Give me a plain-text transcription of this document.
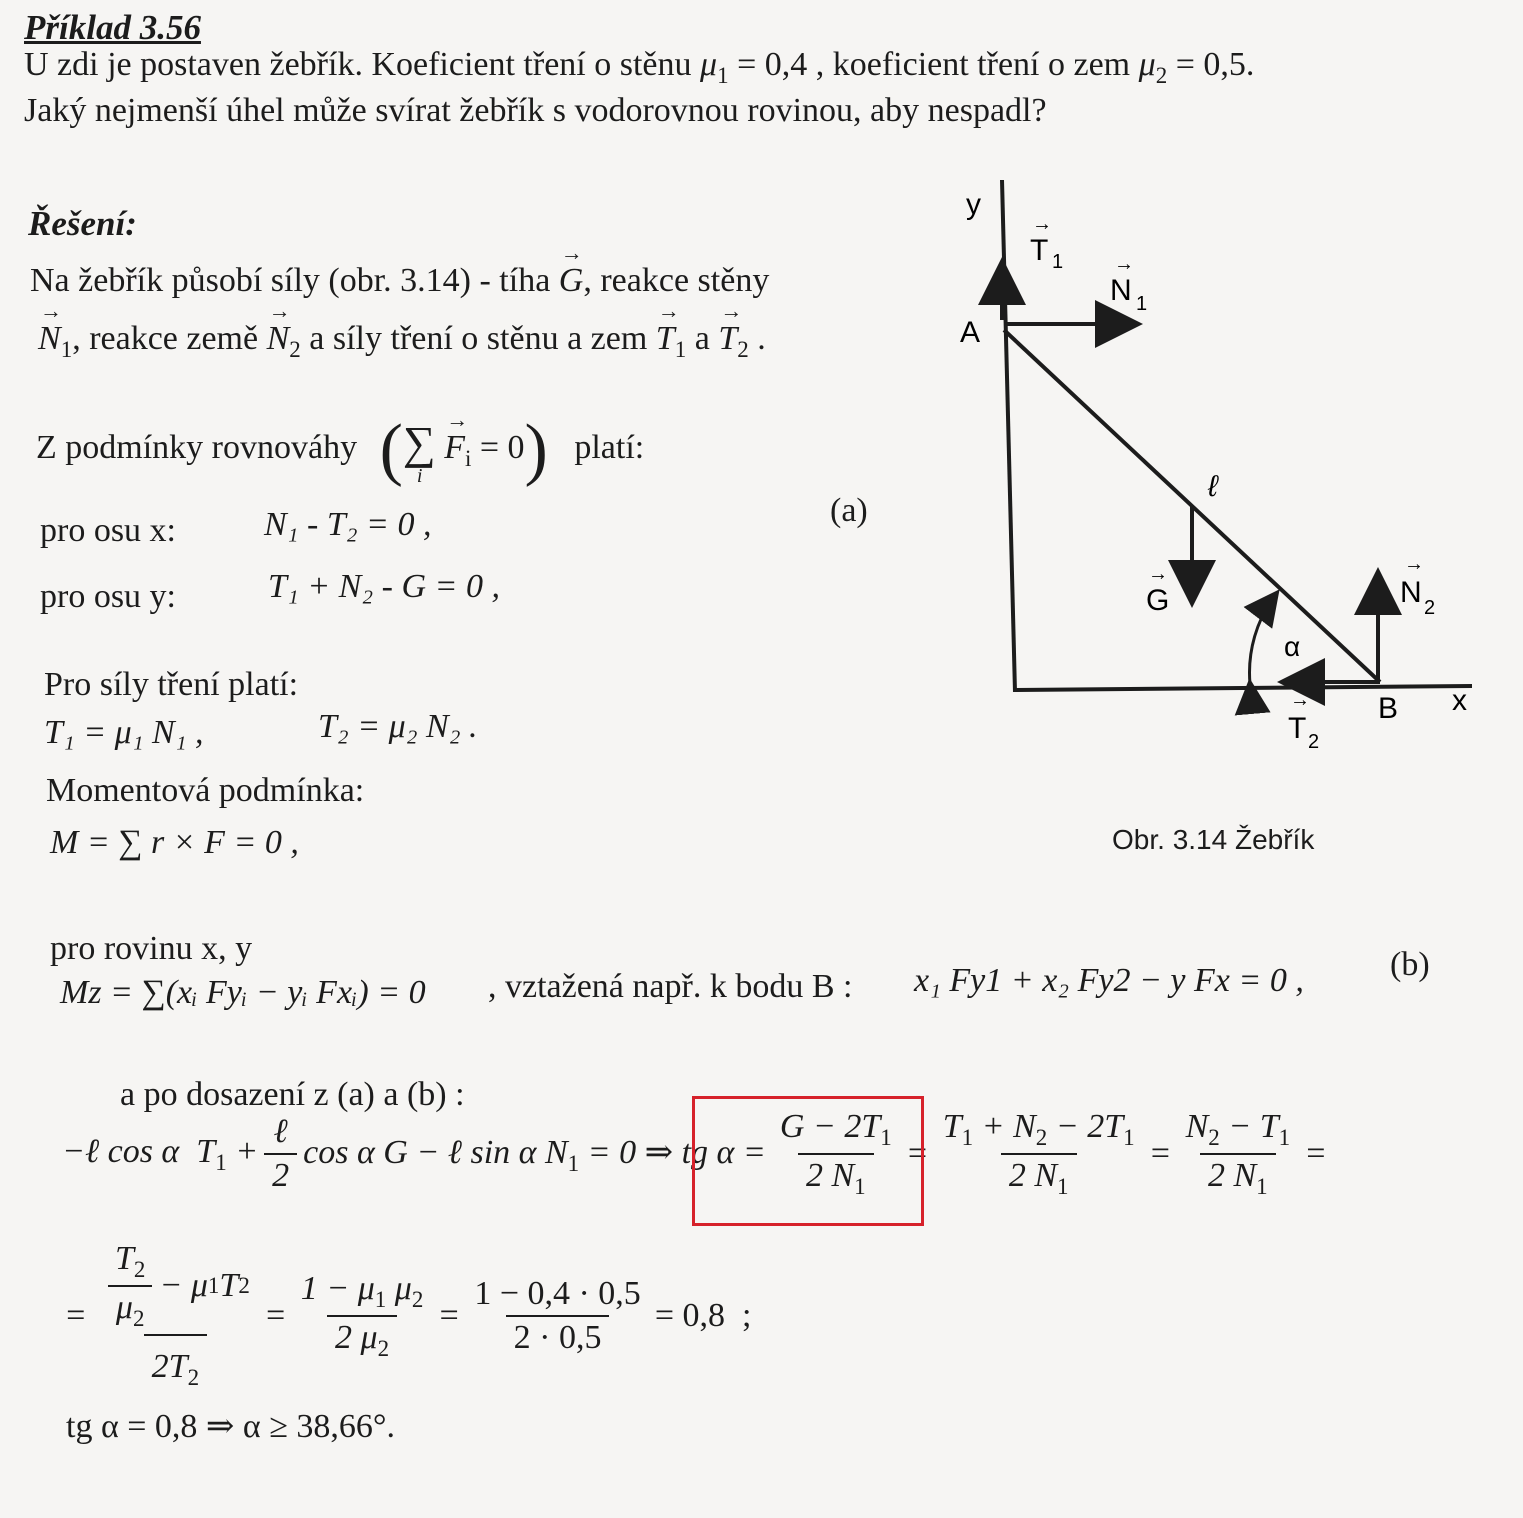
Příklad 3.56
U zdi je postaven žebřík. Koeficient tření o stěnu $\mu_1 = 0,4$ , koeficient tření o zem $\mu_2 = 0,5$.
Jaký nejmenší úhel může svírat žebřík s vodorovnou rovinou, aby nespadl?
Řešení:
Na žebřík působí síly (obr. 3.14) - tíha → G, reakce stěny
→ $N_1$, reakce země → $N_2$ a síly tření o stěnu a zem → $T_1$ $a \to T_2$ .
Z podmínky rovnováhy (∑
i
→ $F_i = 0$) platí:
(a)
pro osu x:	N₁ - T₂ = 0 ,
pro osu y:	T₁ + N₂ - G = 0 ,
Pro síly tření platí:
T₁ = μ₁ N₁ ,	T₂ = μ₂ N₂ .
Momentová podmínka:
M = ∑ r × F = 0 ,
pro rovinu x, y
Mz = ∑(xᵢ Fyᵢ − yᵢ Fxᵢ) = 0 , vztažená např. k bodu B : x₁ Fy1 + x₂ Fy2 − y Fx = 0 ,	(b)
a po dosazení z (a) a (b) :
−ℓ cos α  $T_1$ +
ℓ
2
cos α G − ℓ sin α $N_1 = 0$ ⇒ tg $\alpha = \frac{G - 2T_1}{2 N_1} = \frac{T_1 + N_2 - 2T_1}{2 N_1} = \frac{N_2 - T_1}{2 N_1}$ =
= $T_2$
$\mu_2$
− μ 1 T 2
$2T_2 = \frac{1 - \mu_1 \mu_2}{2 \mu_2} = \frac{1 - 0,4 \cdot 0,5}{2 \cdot 0,5} = 0,8$  ;
tg α = 0,8 ⇒ α ≥ 38,66°.
y
x
A
B
T 1
→
N 1
→
G
→
N 2
→
T 2
→
ℓ
α
Obr. 3.14 Žebřík
